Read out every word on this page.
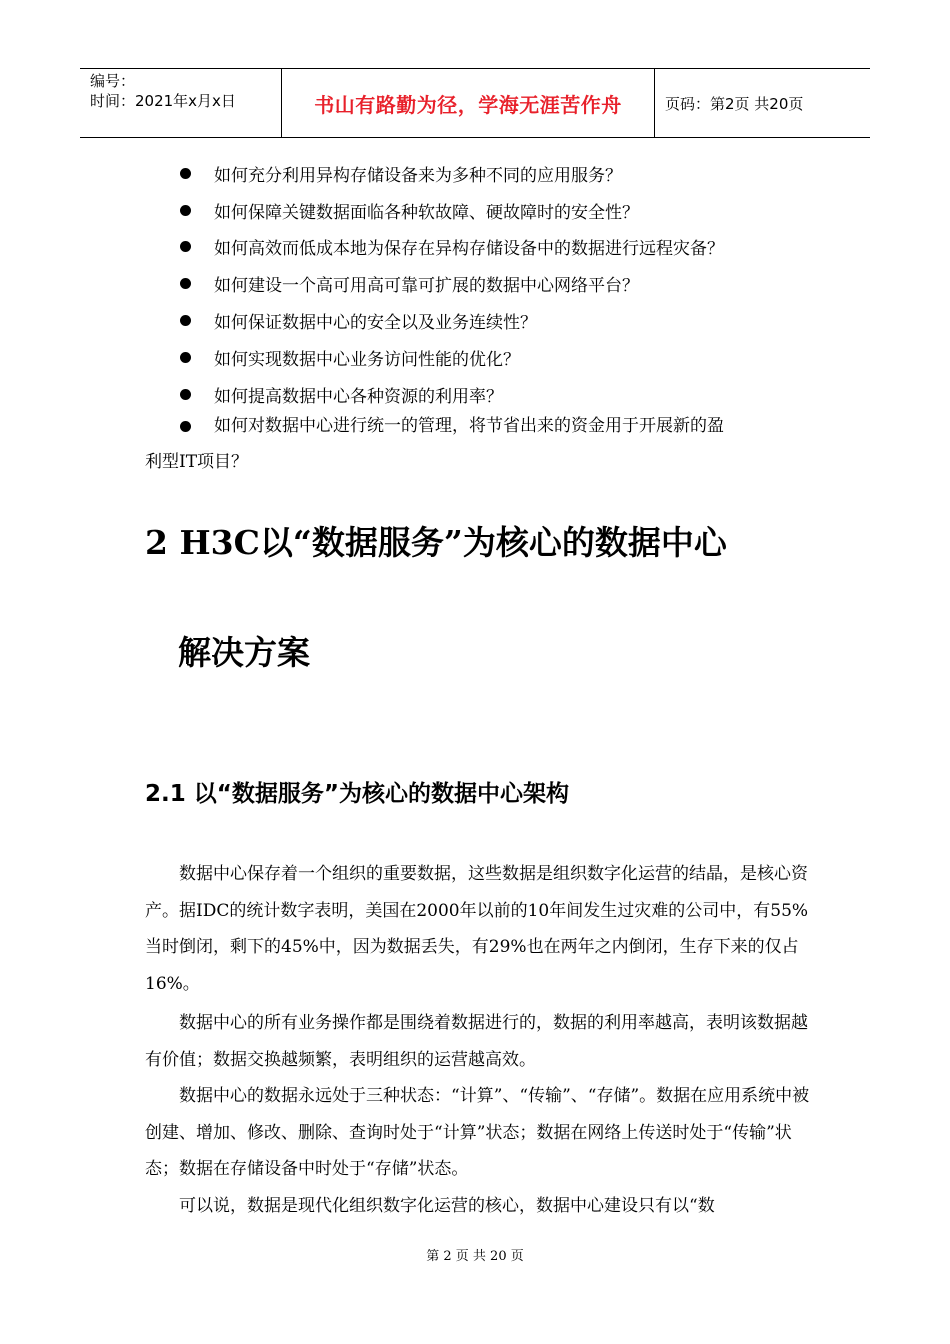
编号：
时间：2021年x月x日	书山有路勤为径，学海无涯苦作舟	页码：第2页 共20页
如何充分利用异构存储设备来为多种不同的应用服务？
如何保障关键数据面临各种软故障、硬故障时的安全性？
如何高效而低成本地为保存在异构存储设备中的数据进行远程灾备？
如何建设一个高可用高可靠可扩展的数据中心网络平台？
如何保证数据中心的安全以及业务连续性？
如何实现数据中心业务访问性能的优化？
如何提高数据中心各种资源的利用率？
如何对数据中心进行统一的管理，将节省出来的资金用于开展新的盈
利型IT项目？
2 H3C以“数据服务”为核心的数据中心
解决方案
2.1 以“数据服务”为核心的数据中心架构

数据中心保存着一个组织的重要数据，这些数据是组织数字化运营的结晶，是核心资产。据IDC的统计数字表明，美国在2000年以前的10年间发生过灾难的公司中，有55%当时倒闭，剩下的45%中，因为数据丢失，有29%也在两年之内倒闭，生存下来的仅占16%。

数据中心的所有业务操作都是围绕着数据进行的，数据的利用率越高，表明该数据越有价值；数据交换越频繁，表明组织的运营越高效。

数据中心的数据永远处于三种状态：“计算”、“传输”、“存储”。数据在应用系统中被创建、增加、修改、删除、查询时处于“计算”状态；数据在网络上传送时处于“传输”状态；数据在存储设备中时处于“存储”状态。

可以说，数据是现代化组织数字化运营的核心，数据中心建设只有以“数

第 2 页 共 20 页
